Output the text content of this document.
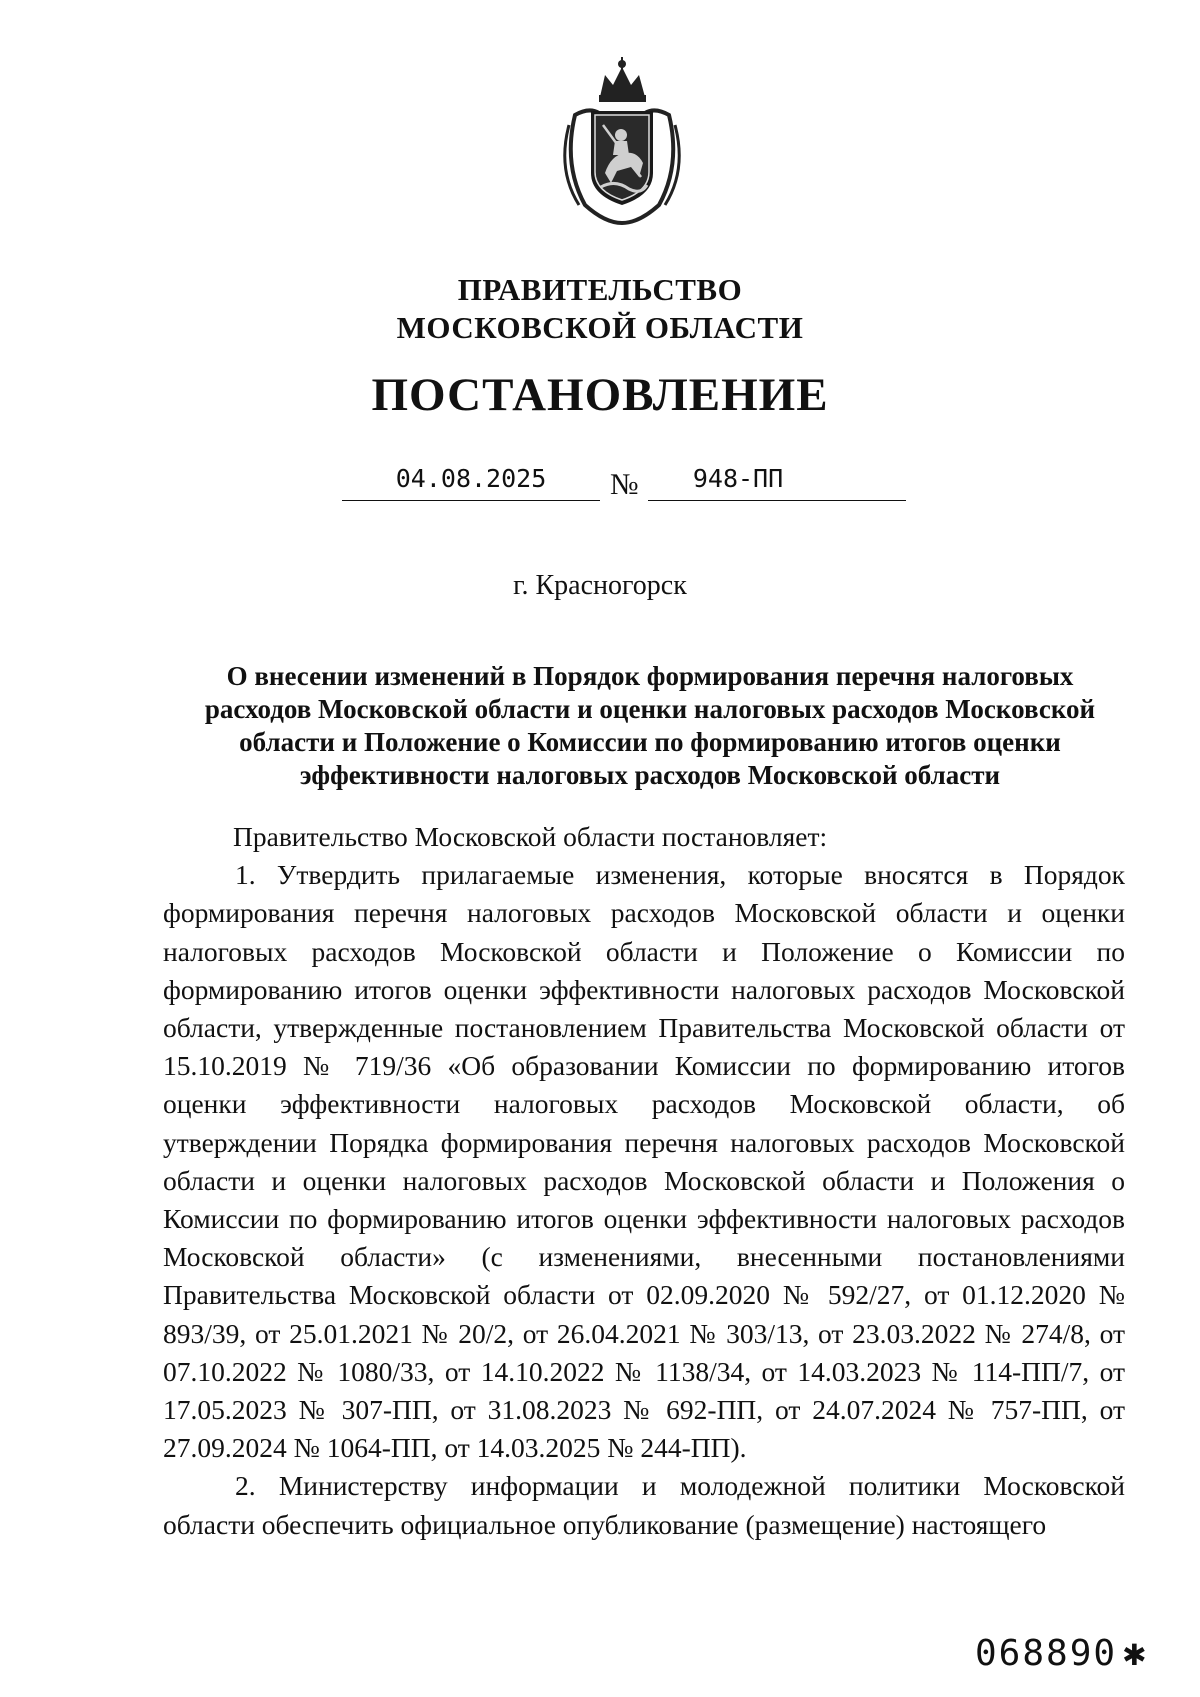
ПРАВИТЕЛЬСТВО
МОСКОВСКОЙ ОБЛАСТИ
ПОСТАНОВЛЕНИЕ
04.08.2025	№	948-ПП
г. Красногорск
О внесении изменений в Порядок формирования перечня налоговых расходов Московской области и оценки налоговых расходов Московской области и Положение о Комиссии по формированию итогов оценки эффективности налоговых расходов Московской области

Правительство Московской области постановляет:

1. Утвердить прилагаемые изменения, которые вносятся в Порядок формирования перечня налоговых расходов Московской области и оценки налоговых расходов Московской области и Положение о Комиссии по формированию итогов оценки эффективности налоговых расходов Московской области, утвержденные постановлением Правительства Московской области от 15.10.2019 № 719/36 «Об образовании Комиссии по формированию итогов оценки эффективности налоговых расходов Московской области, об утверждении Порядка формирования перечня налоговых расходов Московской области и оценки налоговых расходов Московской области и Положения о Комиссии по формированию итогов оценки эффективности налоговых расходов Московской области» (с изменениями, внесенными постановлениями Правительства Московской области от 02.09.2020 № 592/27, от 01.12.2020 № 893/39, от 25.01.2021 № 20/2, от 26.04.2021 № 303/13, от 23.03.2022 № 274/8, от 07.10.2022 № 1080/33, от 14.10.2022 № 1138/34, от 14.03.2023 № 114-ПП/7, от 17.05.2023 № 307-ПП, от 31.08.2023 № 692-ПП, от 24.07.2024 № 757-ПП, от 27.09.2024 № 1064-ПП, от 14.03.2025 № 244-ПП).

2. Министерству информации и молодежной политики Московской области обеспечить официальное опубликование (размещение) настоящего

068890 ✱
